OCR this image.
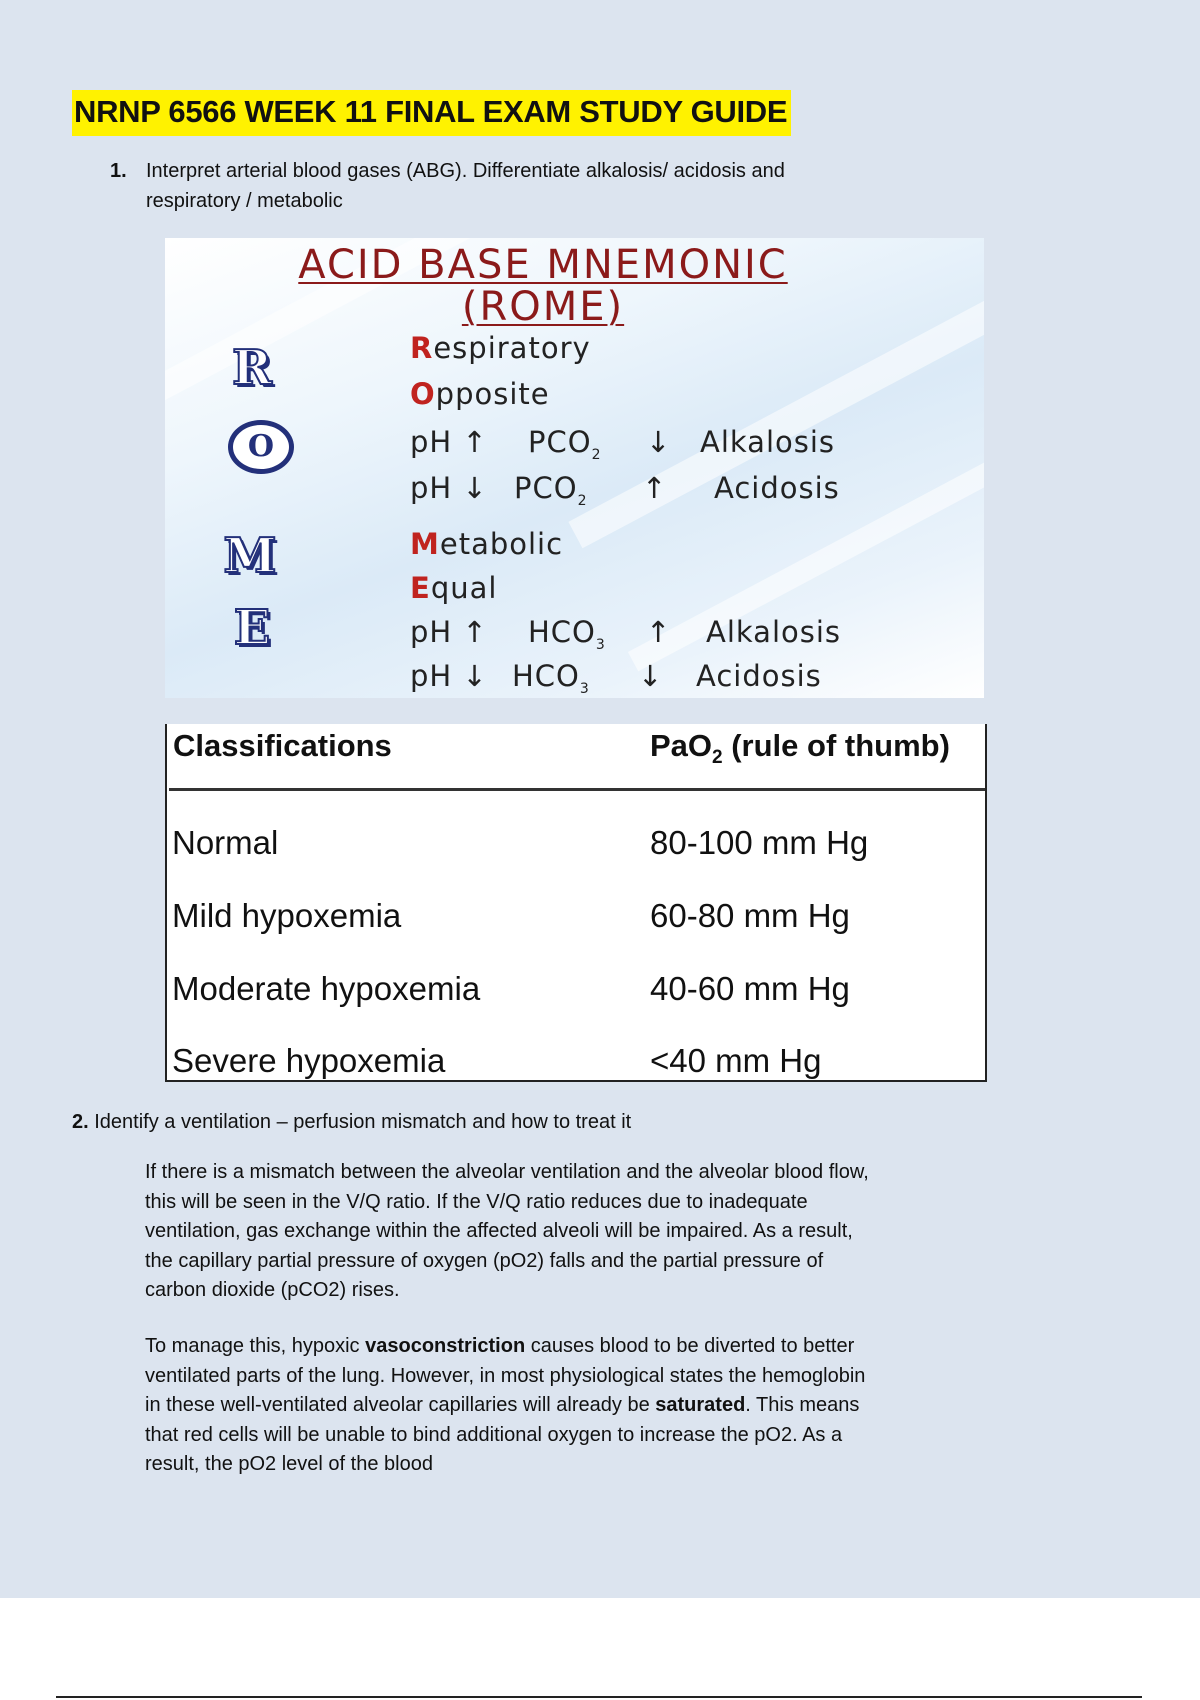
NRNP 6566 WEEK 11 FINAL EXAM STUDY GUIDE
1. Interpret arterial blood gases (ABG). Differentiate alkalosis/ acidosis and respiratory / metabolic
ACID BASE MNEMONIC
(ROME)
R
O
M
E
Respiratory
Opposite
pH ↑ $PCO_2$ ↓ Alkalosis
pH ↓ $PCO_2$ ↑ Acidosis
Metabolic
Equal
pH ↑ $HCO_3$ ↑ Alkalosis
pH ↓ $HCO_3$ ↓ Acidosis
Classifications	PaO$_2$ (rule of thumb)
Normal	80-100 mm Hg
Mild hypoxemia	60-80 mm Hg
Moderate hypoxemia	40-60 mm Hg
Severe hypoxemia	<40 mm Hg
2. Identify a ventilation – perfusion mismatch and how to treat it
If there is a mismatch between the alveolar ventilation and the alveolar blood flow, this will be seen in the V/Q ratio. If the V/Q ratio reduces due to inadequate ventilation, gas exchange within the affected alveoli will be impaired. As a result, the capillary partial pressure of oxygen (pO2) falls and the partial pressure of carbon dioxide (pCO2) rises.
To manage this, hypoxic vasoconstriction causes blood to be diverted to better ventilated parts of the lung. However, in most physiological states the hemoglobin in these well-ventilated alveolar capillaries will already be saturated. This means that red cells will be unable to bind additional oxygen to increase the pO2. As a result, the pO2 level of the blood
